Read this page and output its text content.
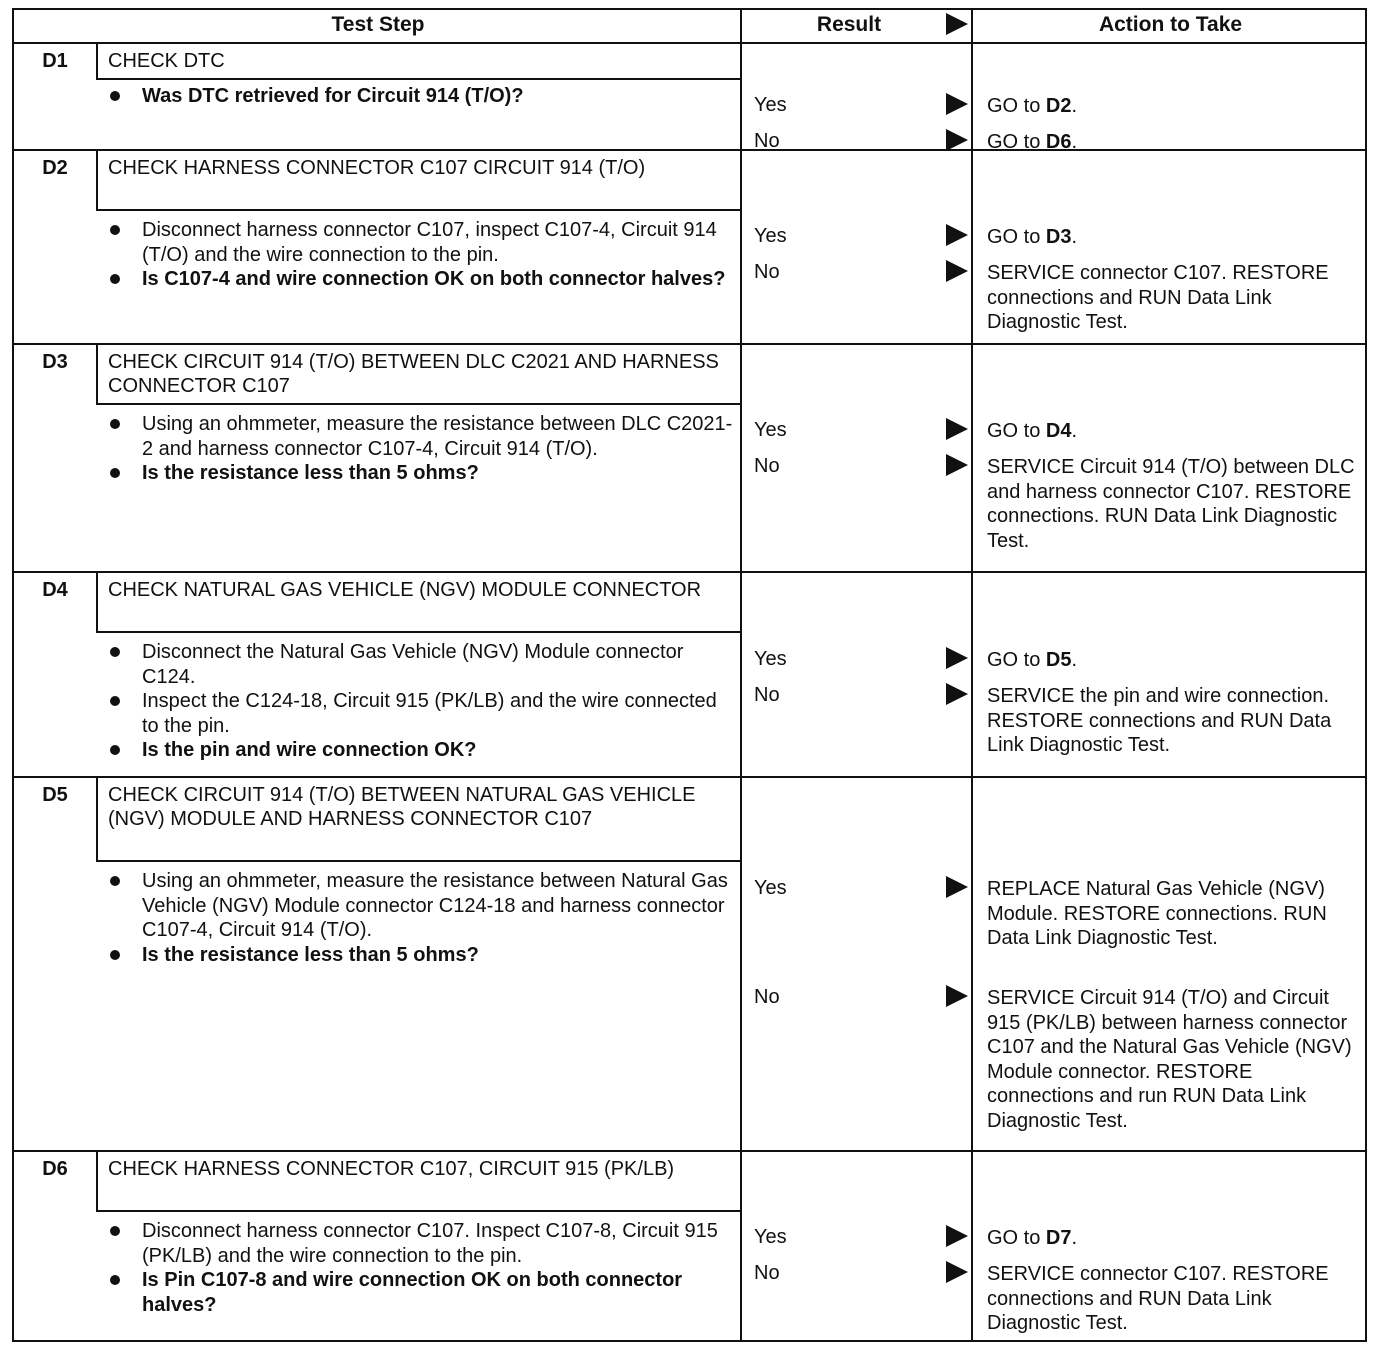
Test Step	Result	Action to Take
D1	CHECK DTC
Was DTC retrieved for Circuit 914 (T/O)?	Yes	GO to D2.
No	GO to D6.
D2	CHECK HARNESS CONNECTOR C107 CIRCUIT 914 (T/O)
Disconnect harness connector C107, inspect C107-4, Circuit 914 (T/O) and the wire connection to the pin.
Is C107-4 and wire connection OK on both connector halves?
Yes	GO to D3.
No	SERVICE connector C107. RESTORE connections and RUN Data Link Diagnostic Test.
D3	CHECK CIRCUIT 914 (T/O) BETWEEN DLC C2021 AND HARNESS CONNECTOR C107
Using an ohmmeter, measure the resistance between DLC C2021-2 and harness connector C107-4, Circuit 914 (T/O).
Is the resistance less than 5 ohms?
Yes	GO to D4.
No	SERVICE Circuit 914 (T/O) between DLC and harness connector C107. RESTORE connections. RUN Data Link Diagnostic Test.
D4	CHECK NATURAL GAS VEHICLE (NGV) MODULE CONNECTOR
Disconnect the Natural Gas Vehicle (NGV) Module connector C124.
Inspect the C124-18, Circuit 915 (PK/LB) and the wire connected to the pin.
Is the pin and wire connection OK?
Yes	GO to D5.
No	SERVICE the pin and wire connection. RESTORE connections and RUN Data Link Diagnostic Test.
D5	CHECK CIRCUIT 914 (T/O) BETWEEN NATURAL GAS VEHICLE (NGV) MODULE AND HARNESS CONNECTOR C107
Using an ohmmeter, measure the resistance between Natural Gas Vehicle (NGV) Module connector C124-18 and harness connector C107-4, Circuit 914 (T/O).
Is the resistance less than 5 ohms?
Yes	REPLACE Natural Gas Vehicle (NGV) Module. RESTORE connections. RUN Data Link Diagnostic Test.
No	SERVICE Circuit 914 (T/O) and Circuit 915 (PK/LB) between harness connector C107 and the Natural Gas Vehicle (NGV) Module connector. RESTORE connections and run RUN Data Link Diagnostic Test.
D6	CHECK HARNESS CONNECTOR C107, CIRCUIT 915 (PK/LB)
Disconnect harness connector C107. Inspect C107-8, Circuit 915 (PK/LB) and the wire connection to the pin.
Is Pin C107-8 and wire connection OK on both connector halves?
Yes	GO to D7.
No	SERVICE connector C107. RESTORE connections and RUN Data Link Diagnostic Test.
